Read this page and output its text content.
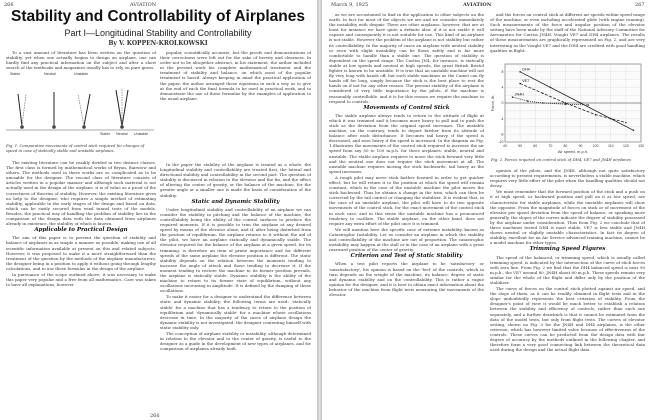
266	AVIATION
Stability and Controllability of Airplanes
Part I—Longitudinal Stability and Controllability
By V. KOPPEN-KROLKOWSKI

To a vast amount of literature has been written on the question of stability, yet when one actually begins to design an airplane, one can hardly find any practical information on the subject and after a short search of the textbooks and magazines usually has to rely on pure guess.

popular, scientifically accurate, but the proofs and demonstrations of their correctness were left out for the sake of brevity and clearness. In order not to be altogether abstract, in his statement, the author included in the present work his complete mathematical treatment and the treatment of stability and balance, on which most of the popular treatment is based. Always keeping in mind the practical application of the paper, the author arranged these equations in such a way as to give at the end of each the final formula to be used in practical work, and to demonstrate the use of these formulae by the examples of application to the usual airplane.

Stable	Neutral	Unstable
Stable Neutral Unstable
Fig. 1. Comparative movements of control stick required for changes of speed in case of statically stable and unstable airplanes.

The existing literature can be readily divided in two distinct classes. The first class is formed by mathematical works of Bryan, Bairstow and others. The methods used in these works are so complicated as to be unusable for the designer. The second class of literature consists of articles written in a popular manner and although such material is not actually used in the design of the airplane, it is of value as a proof of the correctness of theories of stability. However, the existing literature gives no help to the designer, who requires a simple method of estimating stability, applicable in the early stages of the design and based on data, which can be easily secured from wind tunnel tests of the models. Besides, the practical way of handling the problem of stability lies in the comparison of the design data with the data obtained from airplanes already in existence, the stability of which is known.

Applicable to Practical Design

The aim of this paper is to present the question of stability and balance of airplanes in as simple a manner as possible, making use of all scientific information available at present on this and related subjects. However, it was proposed to make it a more straightforward than the treatment of the question by the methods of the airplane manufacturers, the designer being in a position to apply it without going through lengthy calculations, and to use these formulas in the design of the airplane.

In pursuance of the scope outlined above, it was necessary to make this paper very popular and a free from all mathematics. Care was taken to have all explanations, however

In the paper the stability of the airplane is treated as a whole; the longitudinal stability and controllability are treated first, the lateral and directional stability and controllability in the second part. The question of stability is discussed in relation to the elevator and the fin, and the effect of altering the center of gravity, or the balance of the machine, for the greater angle or a smaller one is made the basis of consideration of the stability.

Static and Dynamic Stability

Under longitudinal stability and controllability of an airplane we can consider the stability in pitching and the balance of the machine, the controllability being the ability of the control surfaces to produce the required moments. If it is possible to trim the airplane at any desired speed by means of the elevator alone, and if, after being disturbed from the position of equilibrium, the airplane returns to it without the aid of the pilot, we have an airplane statically and dynamically stable. The elevator required for the balance of the airplane at a given speed, for its trimming, is therefore an item of prime importance and for different speeds of the same airplane the elevator position is different. The static stability depends on the relation between the moments tending to increase the angle of attack and those tending to decrease it. If the moment tending to restore the machine to its former position prevails, the airplane is statically stable. Dynamic stability is the ability of the machine to return to its former state of equilibrium, without any oscillations increasing in amplitude. It is defined by the damping of these oscillations.

To make it easier for a designer to understand the difference between static and dynamic stability, the following terms are used: 'statically stable' for a machine that has a tendency to return to the position of equilibrium and 'dynamically stable' for a machine whose oscillations decrease in time. In the majority of the cases of airplane design the dynamic stability is not investigated, the designer contenting himself with static stability only.

The conception of airplane stability or instability, although determined in relation to the elevator and to the center of gravity, is useful to the designer as a guide in the development of new types of airplanes, and for comparison of airplanes already built.

266
March 9, 1925	AVIATION	267

as we are accustomed to find in the application to other subjects on the earth. In fact for most of the objects we are and we consider immediately the instability with despair. There are other airplanes, however, that are at least for instance we have quite a definite idea: if it is not stable it will capsize and consequently it is not suitable for use. This kind of an airplane is not stable. However the problem of the airplane is not stability but rather its controllability. In the majority of cases an airplane with neutral stability or even with slight instability can be flown safely and is far more comfortable to handle than a stable one. The question of stability is dependent on the speed range. The Curtiss JN4, for instance, is statically stable at low speeds and neutral at high speeds, the great British Bristol fighter is known to be unstable. It is true that an unstable machine will not fly very long with hands off, but such stable machines as the Camel can fly hands off for long, simply because the stick is the best place to rest the hands on if not for any other reason. The present stability of the airplane is considered of very little importance by the pilots, if the machine is reasonably controllable, and it is for this reason we require the machine to respond to controls.

Movements of Control Stick

The stable airplane always tends to return to the attitude of flight at which it was trimmed and it becomes more heavy to pull and to push the stick as the deviation from the original speed increases. The unstable machine, on the contrary, tends to depart further from its attitude of balance after each disturbance. It becomes tail heavy, if the speed is decreased, and nose heavy if the speed is increased. In the diagram on Fig. 1 illustrates the movements of the control stick required to increase the air speed from say 50 to 100 m.p.h. for three airplanes: stable, neutral and unstable. The stable airplane requires to move the stick forward very little and the neutral one does not require the stick movement at all. The unstable machine requires moving the stick backwards, tail heavy as the speed increases.

A rough pilot may move stick farther forward in order to get quicker effect, but he will return it to the position at which the speed will remain constant, which in the case of the unstable machine the pilot moves the stick backward. Thus he obtains a change in the trim, which can then be corrected by the tail control or changing the stabilizer. It is evident that, in the case of an unstable airplane, the pilot will have to do two opposite movements of the control stick, for the exact movement of the control stick in each case, and in this sense the unstable machine has a pronounced tendency to oscillate. The stable airplane, on the other hand, does not require any extra effort of the pilot once it is trimmed.

We will mention here the specific case of extreme instability, known as Catastrophic Instability. Let us consider an airplane in which the stability and controllability of the machine are out of proportion. The catastrophic instability may happen at the stall or in the case of an airplane with a great rearward position of the center of gravity.

Criterion and Test of Static Stability

When a test pilot reports the airplane to be 'satisfactory' or 'unsatisfactory', his opinion is based on the 'feel' of the controls, which in turn depends on the weight of the machine, its balance, degree of static and dynamic stability and on the controllability. This is rather a vague opinion for the designer, and it is best to obtain exact information about the behavior of the machine from flight tests measuring the movements of the elevator.

and the forces on control stick at different air speeds within speed range of the machine, or even including accelerated glide (with engine running). Such measurements of the force and angular position of the elevator setting have been made by the staff of the National Advisory Committee for Aeronautics for Curtiss JN4H, Vought VE7 and DH4 airplanes. The results of these measurements are graphically represented on Fig. 2, and are very interesting as the Vought VE7 and the DH4 are credited with good handling qualities in flight.

40	50	60	70	80	90	100	110	120	130
-10
-8
-4
0
4
8
DH4
VE7
JN4H
Air speed, m.p.h.
Force, lb.
Fig. 2. Forces required on control stick of DH4, VE7 and JN4H airplanes

opinion of the pilots, and the JN4H, although not quite satisfactory according to present requirements, is nevertheless a stable machine, which requires very little effort of the pilot when the handling qualities should not decay.

We must remember that the forward position of the stick and a push on it at high speed, or backward position and pull on it at low speed, are characteristic for stable airplanes, while the unstable airplanes will show the opposite. From the magnitude of forces on stick or of movement of the elevator per speed deviation from the speed of balance, or speaking more generally, the slopes of the curves indicate the degree of stability possessed by the airplane under consideration. Thus from Fig. 2 we conclude that of three machines tested DH4 is most stable, VE7 is less stable and JN4H shows neutral or slightly unstable characteristics. In fact its degree of stability, excellent for an Air Service advanced training machine, cannot be a model machine for other types.

Trimming Speed Figures

The speed of the balanced, or trimming speed, which is usually called trimming speed, is indicated by the intersection of the curve of stick forces with zero line. From Fig. 2 we find that the DH4 balanced speed is near 90 m.p.h., the VE7 around 80, JN4H about 60 m.p.h. These speeds remain very similar for the whole of the flight and differ only by the position of the stabilizer.

The curve of forces on the control stick plotted against air speed, and the slope of them, as it can be readily obtained in flight tests and in the slope undoubtedly represents the best criterion of stability. From the designer's point of view it would be much better to establish a relation between the stability and efficiency of controls, rather than each one separately, and a further drawback is that it cannot be estimated from the data of the model tests, but only from flight tests. The curves of elevator setting, shown on Fig. 3 for the JN4H and DH4 airplanes, is the other criterion, which has however limited value because of effectiveness of the controls. These curves can be predicted from the design data with fair degree of accuracy by the methods outlined in the following chapter, and therefore form a very good connecting link between the theoretical data used during the design and the actual flight data.
